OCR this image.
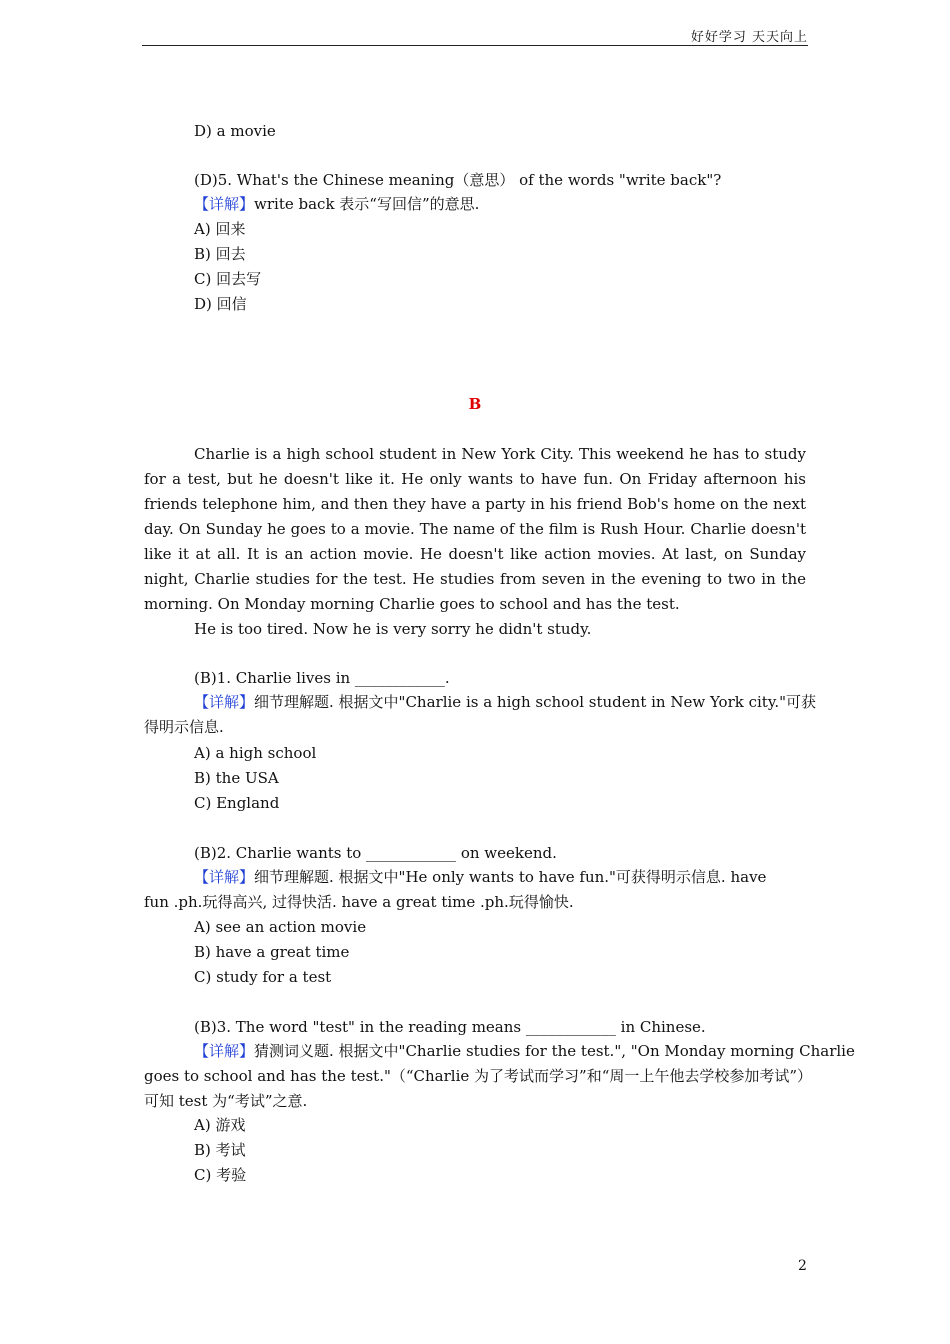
好好学习 天天向上
D) a movie
(D)5. What's the Chinese meaning（意思） of the words "write back"?
【详解】write back 表示“写回信”的意思.
A) 回来
B) 回去
C) 回去写
D) 回信
B
Charlie is a high school student in New York City. This weekend he has to study for a test, but he doesn't like it. He only wants to have fun. On Friday afternoon his friends telephone him, and then they have a party in his friend Bob's home on the next day. On Sunday he goes to a movie. The name of the film is Rush Hour. Charlie doesn't like it at all. It is an action movie. He doesn't like action movies. At last, on Sunday night, Charlie studies for the test. He studies from seven in the evening to two in the morning. On Monday morning Charlie goes to school and has the test.
He is too tired. Now he is very sorry he didn't study.
(B)1. Charlie lives in ____________.
【详解】细节理解题. 根据文中"Charlie is a high school student in New York city."可获
得明示信息.
A) a high school
B) the USA
C) England
(B)2. Charlie wants to ____________ on weekend.
【详解】细节理解题. 根据文中"He only wants to have fun."可获得明示信息. have
fun .ph.玩得高兴, 过得快活. have a great time .ph.玩得愉快.
A) see an action movie
B) have a great time
C) study for a test
(B)3. The word "test" in the reading means ____________ in Chinese.
【详解】猜测词义题. 根据文中"Charlie studies for the test.", "On Monday morning Charlie
goes to school and has the test."（“Charlie 为了考试而学习”和“周一上午他去学校参加考试”）
可知 test 为“考试”之意.
A) 游戏
B) 考试
C) 考验
2
